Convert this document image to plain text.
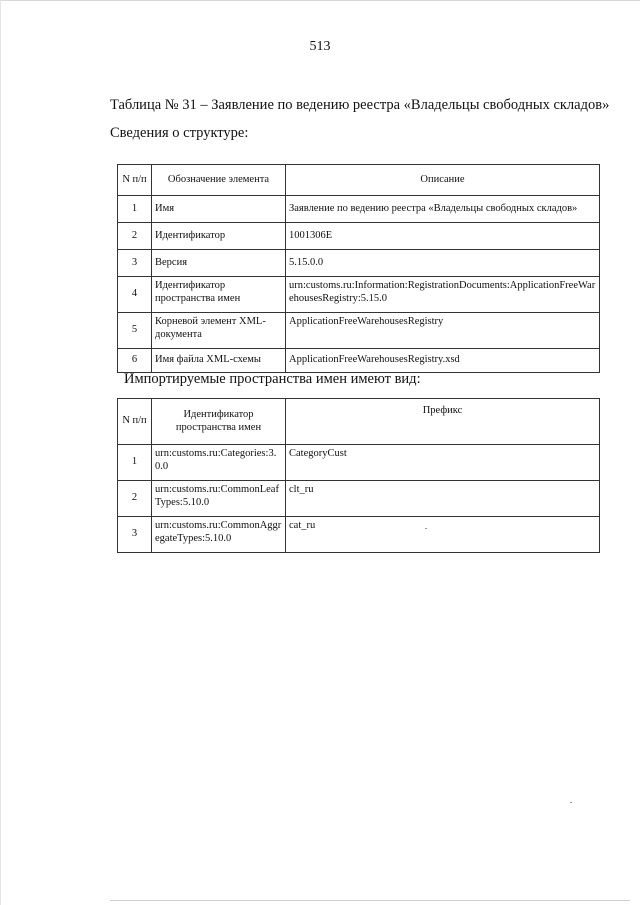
513
Таблица № 31 – Заявление по ведению реестра «Владельцы свободных складов»
Сведения о структуре:
N п/п	Обозначение элемента	Описание
1	Имя	Заявление по ведению реестра «Владельцы свободных складов»
2	Идентификатор	1001306E
3	Версия	5.15.0.0
4	Идентификатор пространства имен	urn:customs.ru:Information:RegistrationDocuments:ApplicationFreeWarehousesRegistry:5.15.0
5	Корневой элемент XML-документа	ApplicationFreeWarehousesRegistry
6	Имя файла XML-схемы	ApplicationFreeWarehousesRegistry.xsd
Импортируемые пространства имен имеют вид:
N п/п	Идентификатор пространства имен	Префикс
1	urn:customs.ru:Categories:3.0.0	CategoryCust
2	urn:customs.ru:CommonLeafTypes:5.10.0	clt_ru
3	urn:customs.ru:CommonAggregateTypes:5.10.0	cat_ru
